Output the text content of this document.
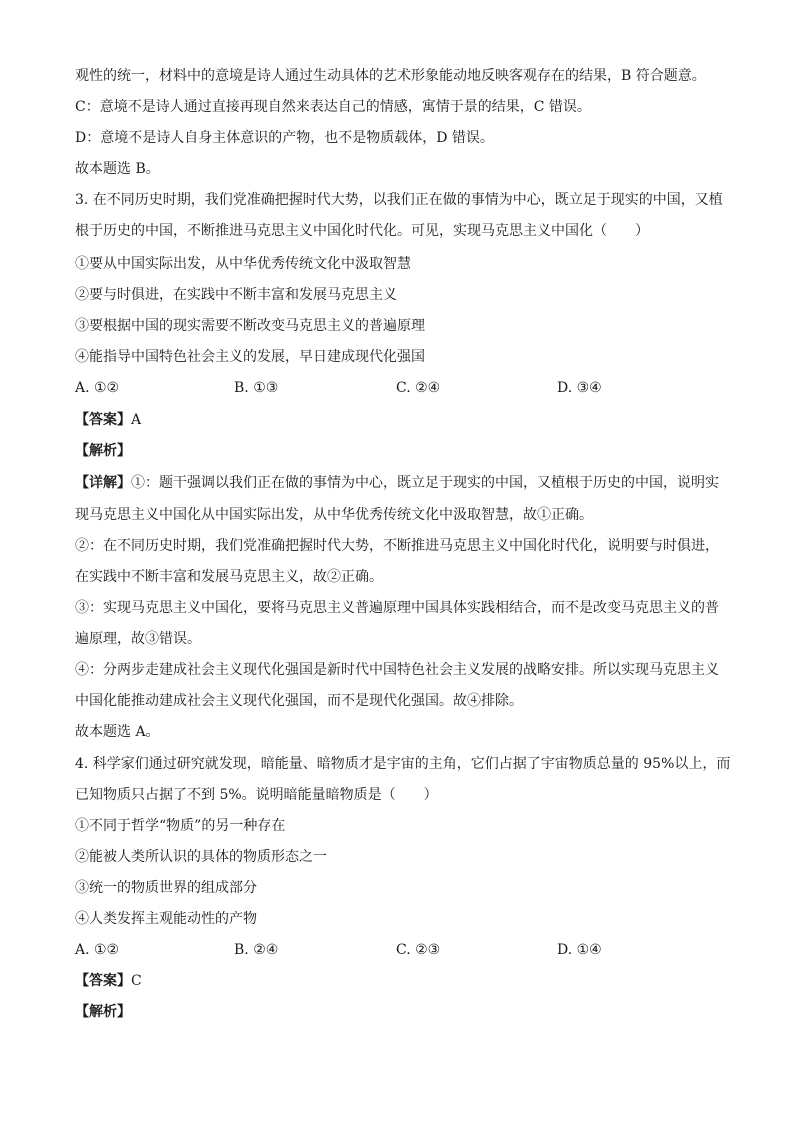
观性的统一，材料中的意境是诗人通过生动具体的艺术形象能动地反映客观存在的结果，B 符合题意。
C：意境不是诗人通过直接再现自然来表达自己的情感，寓情于景的结果，C 错误。
D：意境不是诗人自身主体意识的产物，也不是物质载体，D 错误。
故本题选 B。
3. 在不同历史时期，我们党准确把握时代大势，以我们正在做的事情为中心，既立足于现实的中国，又植
根于历史的中国，不断推进马克思主义中国化时代化。可见，实现马克思主义中国化（　　）
①要从中国实际出发，从中华优秀传统文化中汲取智慧
②要与时俱进，在实践中不断丰富和发展马克思主义
③要根据中国的现实需要不断改变马克思主义的普遍原理
④能指导中国特色社会主义的发展，早日建成现代化强国
A. ①②	B. ①③	C. ②④	D. ③④
【答案】A
【解析】
【详解】①：题干强调以我们正在做的事情为中心，既立足于现实的中国，又植根于历史的中国，说明实
现马克思主义中国化从中国实际出发，从中华优秀传统文化中汲取智慧，故①正确。
②：在不同历史时期，我们党准确把握时代大势，不断推进马克思主义中国化时代化，说明要与时俱进，
在实践中不断丰富和发展马克思主义，故②正确。
③：实现马克思主义中国化，要将马克思主义普遍原理中国具体实践相结合，而不是改变马克思主义的普
遍原理，故③错误。
④：分两步走建成社会主义现代化强国是新时代中国特色社会主义发展的战略安排。所以实现马克思主义
中国化能推动建成社会主义现代化强国，而不是现代化强国。故④排除。
故本题选 A。
4. 科学家们通过研究就发现，暗能量、暗物质才是宇宙的主角，它们占据了宇宙物质总量的 95%以上，而
已知物质只占据了不到 5%。说明暗能量暗物质是（　　）
①不同于哲学“物质”的另一种存在
②能被人类所认识的具体的物质形态之一
③统一的物质世界的组成部分
④人类发挥主观能动性的产物
A. ①②	B. ②④	C. ②③	D. ①④
【答案】C
【解析】
